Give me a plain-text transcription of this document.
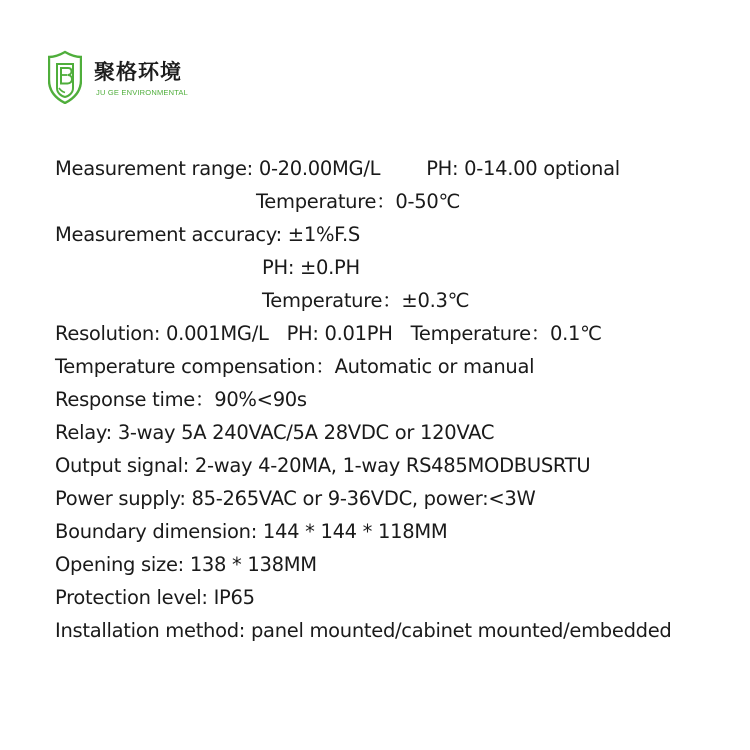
聚格环境
JU GE ENVIRONMENTAL
Measurement range: 0-20.00MG/L PH: 0-14.00 optional
Temperature：0-50℃
Measurement accuracy: ±1%F.S
PH: ±0.PH
Temperature：±0.3℃
Resolution: 0.001MG/L PH: 0.01PH Temperature：0.1℃
Temperature compensation：Automatic or manual
Response time：90%<90s
Relay: 3-way 5A 240VAC/5A 28VDC or 120VAC
Output signal: 2-way 4-20MA, 1-way RS485MODBUSRTU
Power supply: 85-265VAC or 9-36VDC, power:<3W
Boundary dimension: 144 * 144 * 118MM
Opening size: 138 * 138MM
Protection level: IP65
Installation method: panel mounted/cabinet mounted/embedded
